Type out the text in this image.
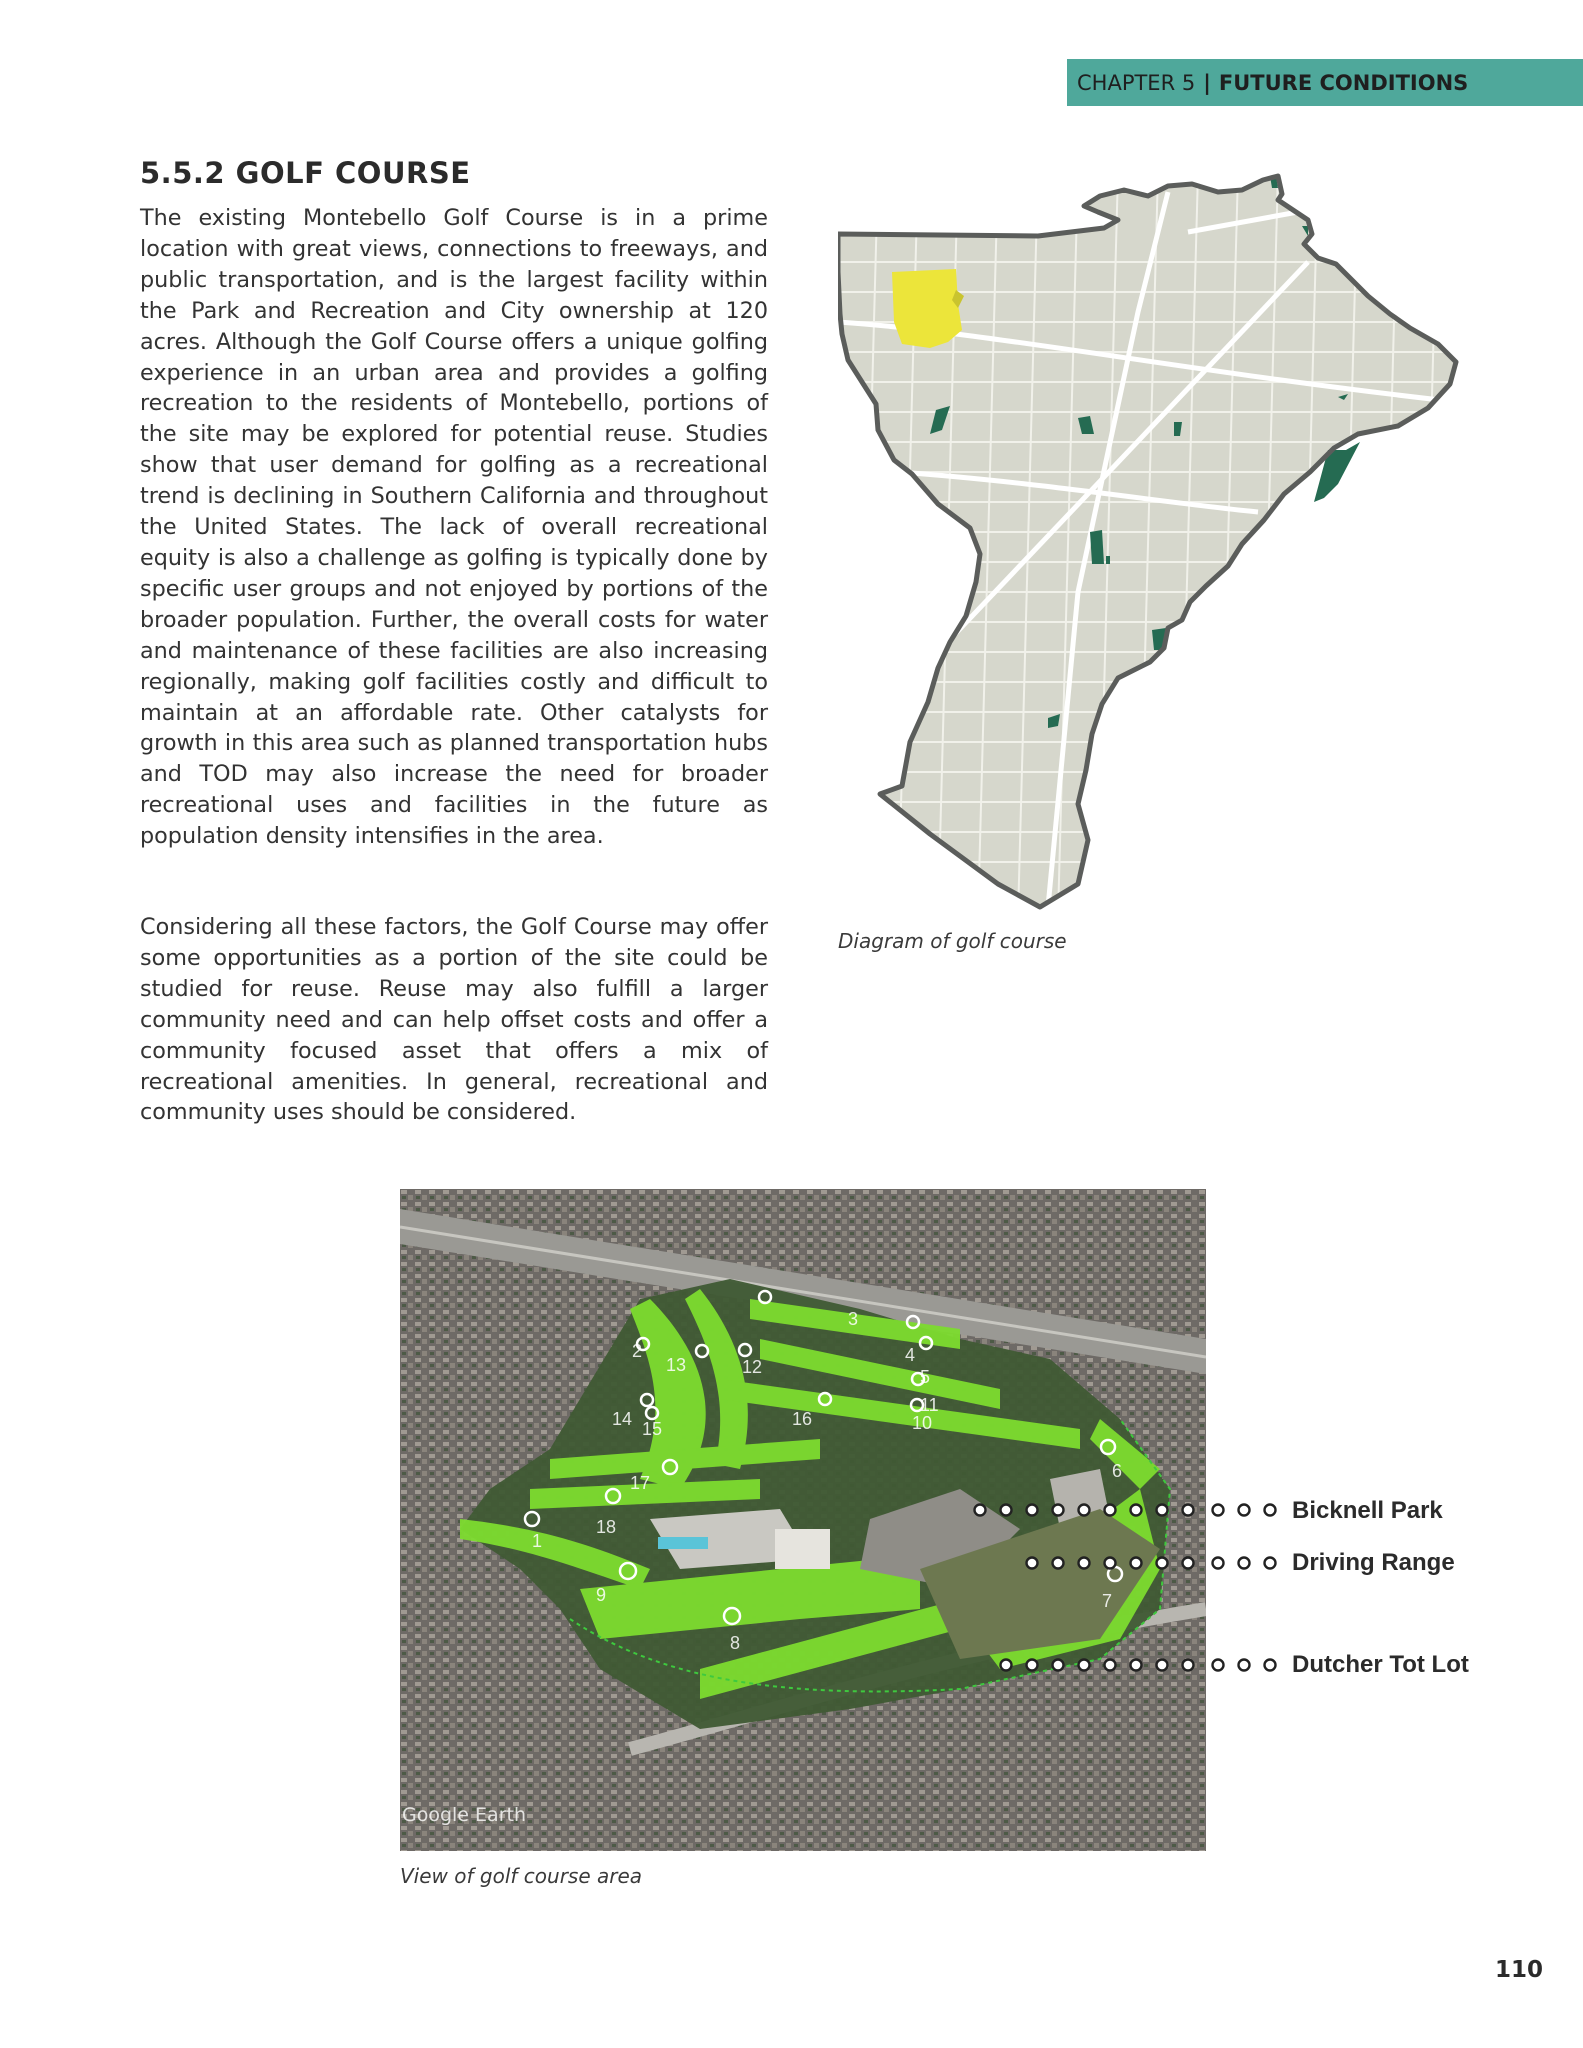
CHAPTER 5 | FUTURE CONDITIONS
5.5.2 GOLF COURSE

The existing Montebello Golf Course is in a prime location with great views, connections to freeways, and public transportation, and is the largest facility within the Park and Recreation and City ownership at 120 acres. Although the Golf Course offers a unique golfing experience in an urban area and provides a golfing recreation to the residents of Montebello, portions of the site may be explored for potential reuse. Studies show that user demand for golfing as a recreational trend is declining in Southern California and throughout the United States. The lack of overall recreational equity is also a challenge as golfing is typically done by specific user groups and not enjoyed by portions of the broader population. Further, the overall costs for water and maintenance of these facilities are also increasing regionally, making golf facilities costly and difficult to maintain at an affordable rate. Other catalysts for growth in this area such as planned transportation hubs and TOD may also increase the need for broader recreational uses and facilities in the future as population density intensifies in the area.

Considering all these factors, the Golf Course may offer some opportunities as a portion of the site could be studied for reuse. Reuse may also fulfill a larger community need and can help offset costs and offer a community focused asset that offers a mix of recreational amenities. In general, recreational and community uses should be considered.

Diagram of golf course
1
2
3
4
5
6
7
8
9
10
11
12
13
14 15	16
17
18
Google Earth
Bicknell Park
Driving Range
Dutcher Tot Lot
View of golf course area
110
